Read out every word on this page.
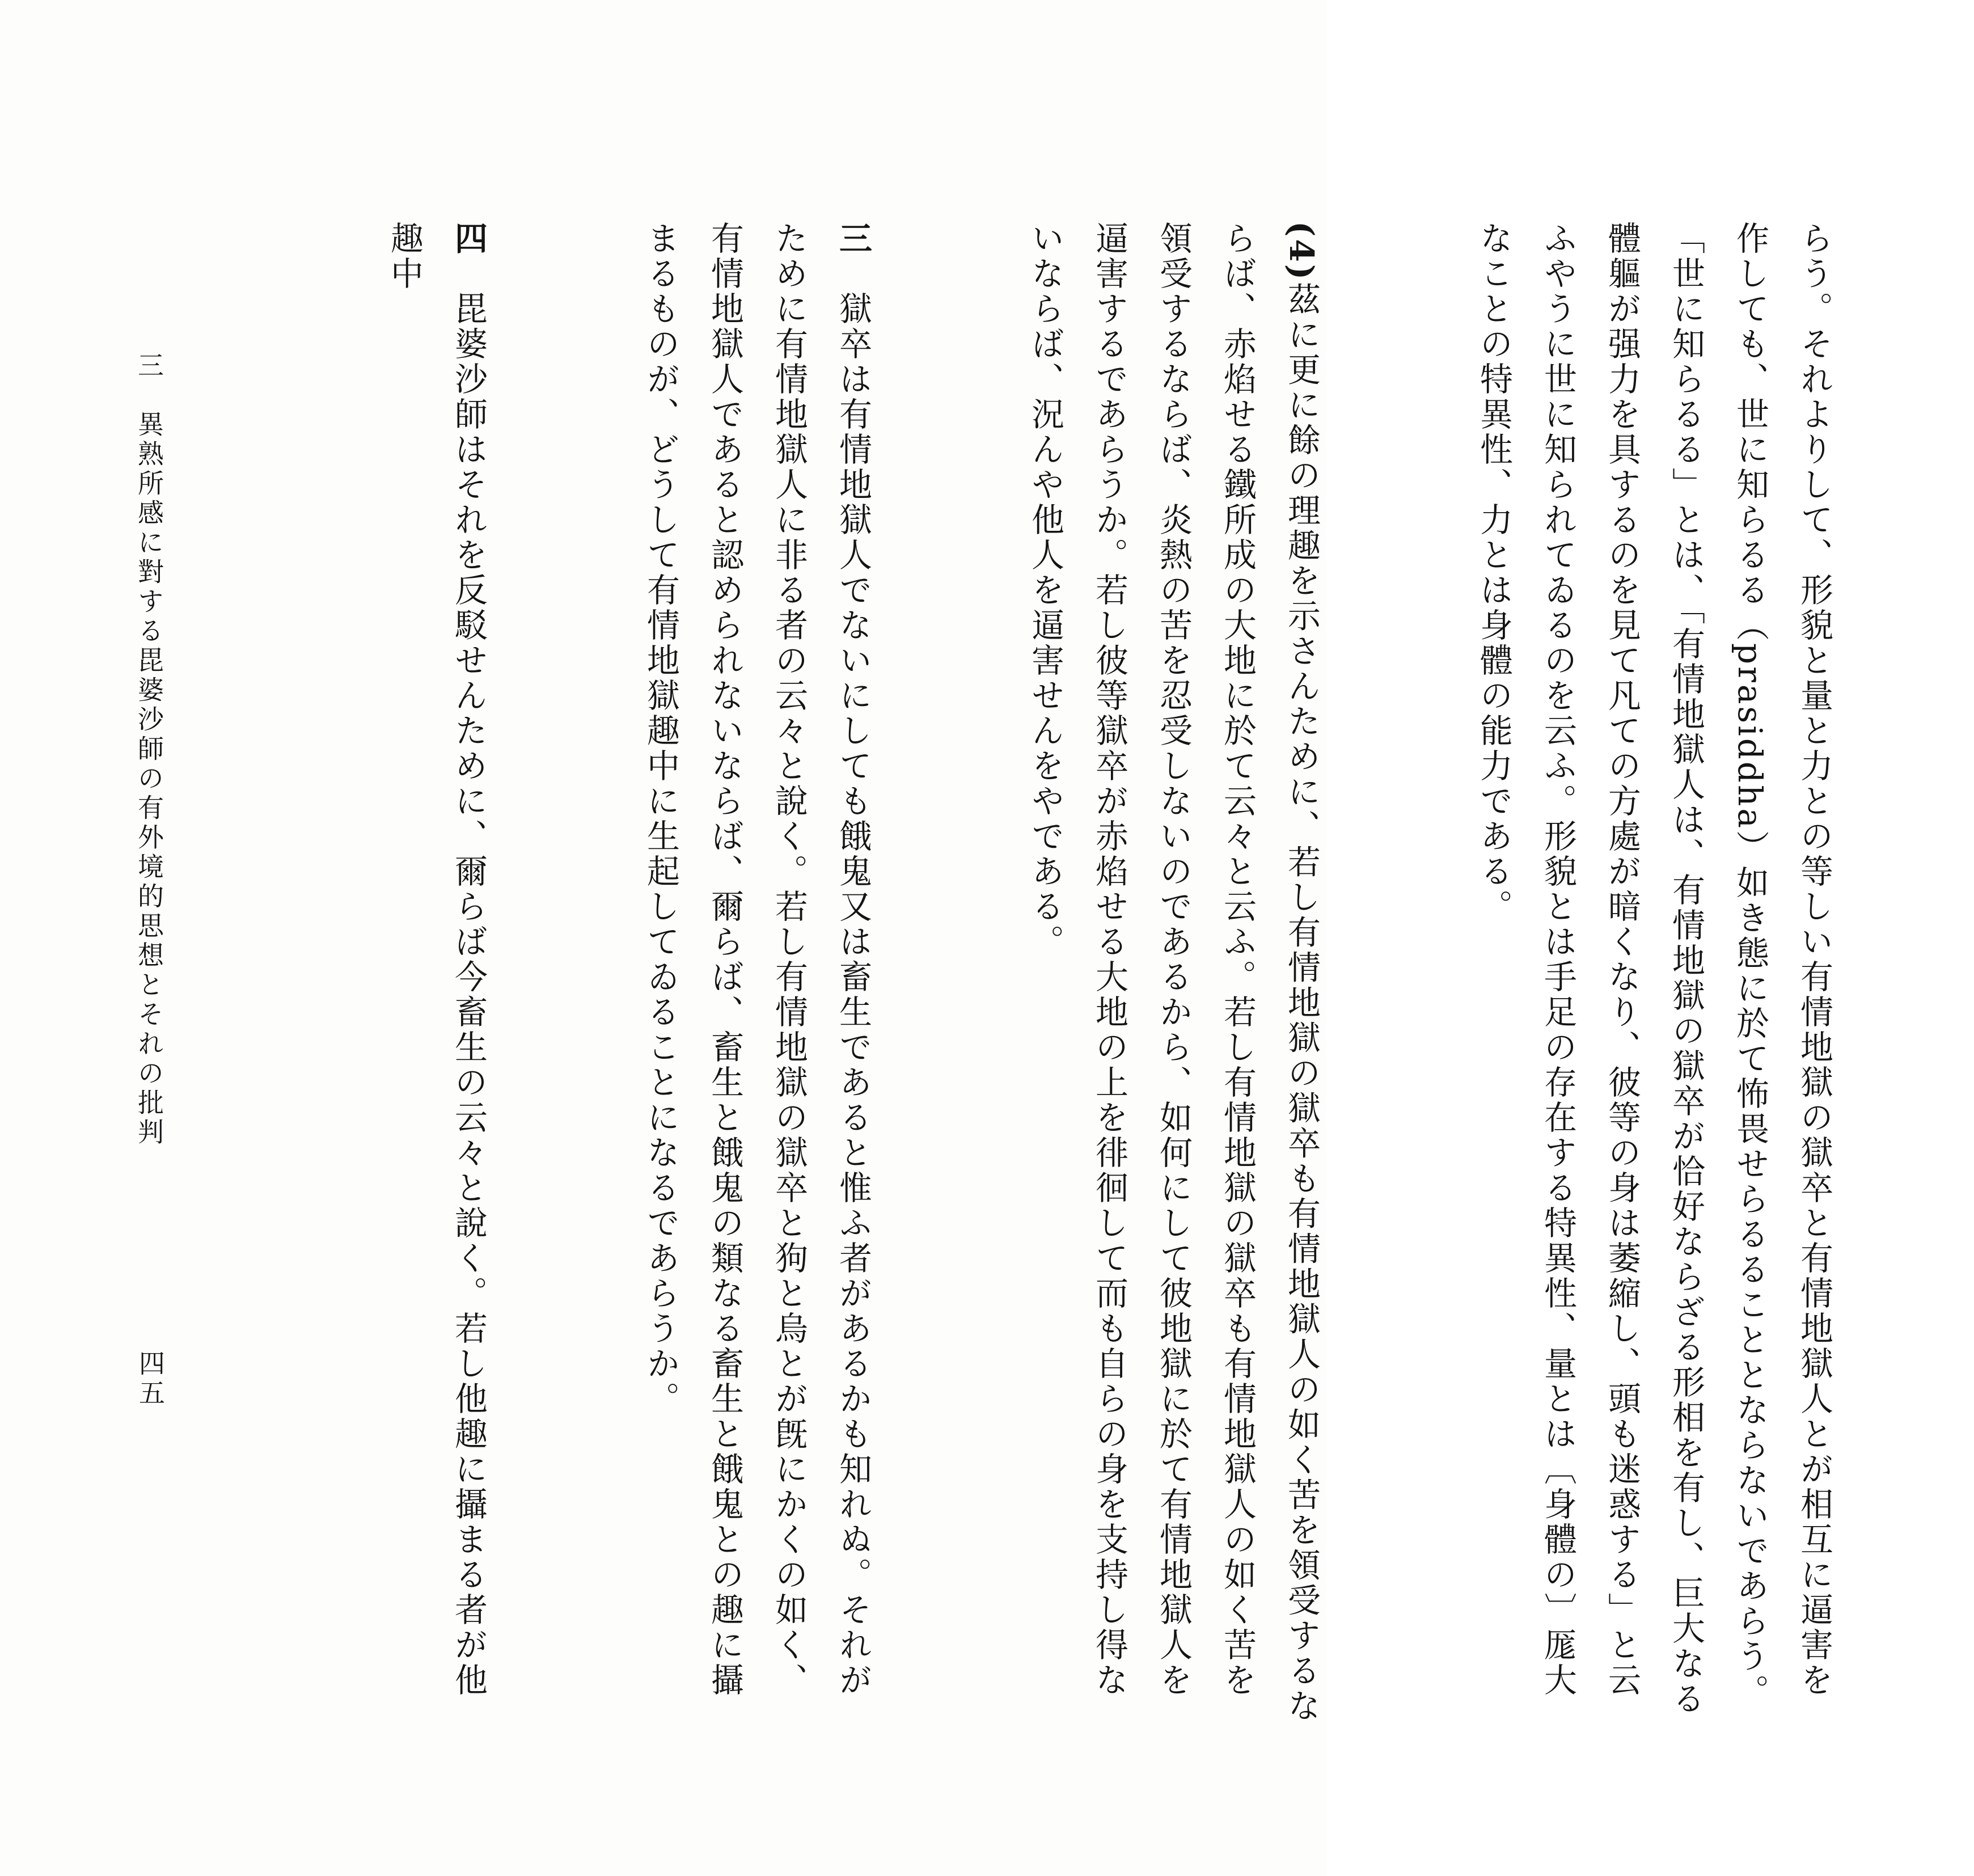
らう。それよりして、形貌と量と力との等しい有情地獄の獄卒と有情地獄人とが相互に逼害を作しても、世に知らるる（prasiddha）如き態に於て怖畏せらるることとならないであらう。「世に知らるる」とは、「有情地獄人は、有情地獄の獄卒が恰好ならざる形相を有し、巨大なる體軀が强力を具するのを見て凡ての方處が暗くなり、彼等の身は萎縮し、頭も迷惑する」と云ふやうに世に知られてゐるのを云ふ。形貌とは手足の存在する特異性、量とは〔身體の〕厖大なことの特異性、力とは身體の能力である。

(4)茲に更に餘の理趣を示さんために、若し有情地獄の獄卒も有情地獄人の如く苦を領受するならば、赤焰せる鐵所成の大地に於て云々と云ふ。若し有情地獄の獄卒も有情地獄人の如く苦を領受するならば、炎熱の苦を忍受しないのであるから、如何にして彼地獄に於て有情地獄人を逼害するであらうか。若し彼等獄卒が赤焰せる大地の上を徘徊して而も自らの身を支持し得ないならば、況んや他人を逼害せんをやである。

三　獄卒は有情地獄人でないにしても餓鬼又は畜生であると惟ふ者があるかも知れぬ。それがために有情地獄人に非る者の云々と說く。若し有情地獄の獄卒と狗と烏とが旣にかくの如く、有情地獄人であると認められないならば、爾らば、畜生と餓鬼の類なる畜生と餓鬼との趣に攝まるものが、どうして有情地獄趣中に生起してゐることになるであらうか。

四　毘婆沙師はそれを反駁せんために、爾らば今畜生の云々と說く。若し他趣に攝まる者が他趣中

三　異熟所感に對する毘婆沙師の有外境的思想とそれの批判
四五
